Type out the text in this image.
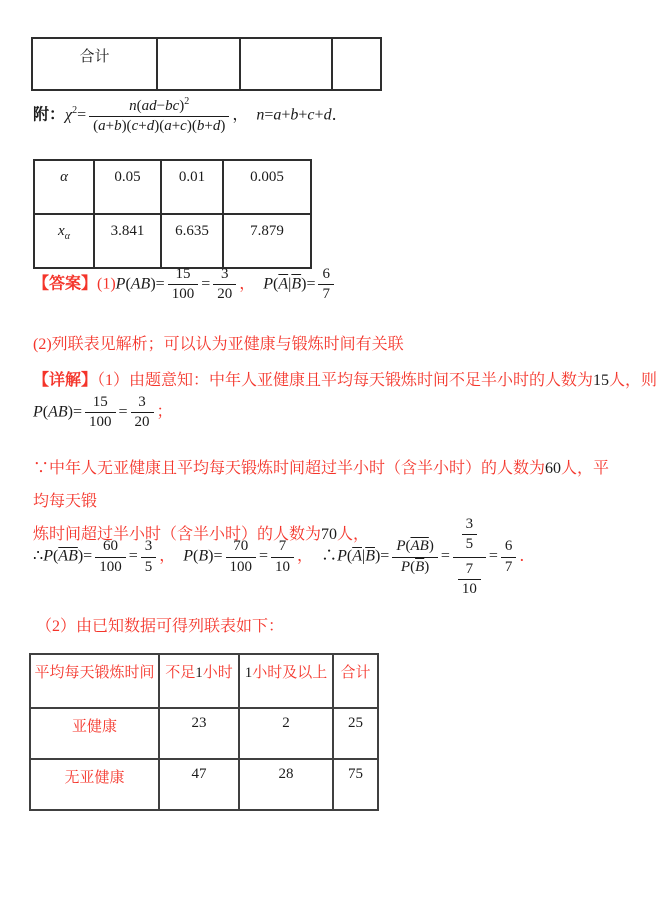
合计			
附：$\chi^2= \frac{n(ad-bc)^2}{(a+b)(c+d)(a+c)(b+d)}$ ，　n=a+b+c+d．
α	0.05	0.01	0.005
$x_\alpha$	3.841	6.635	7.879
【答案】$(1)P(AB)= \frac{15}{100} = \frac{3}{20}$ ，　 $P(\overline{A}|\overline{B})= \frac{6}{7}$
(2)列联表见解析；可以认为亚健康与锻炼时间有关联
【详解】（1）由题意知：中年人亚健康且平均每天锻炼时间不足半小时的人数为15人，则
$P(AB)= \frac{15}{100} = \frac{3}{20}$ ；
∵中年人无亚健康且平均每天锻炼时间超过半小时（含半小时）的人数为60人，平均每天锻
炼时间超过半小时（含半小时）的人数为70人，
$\therefore P(\overline{AB})= \frac{60}{100} = \frac{3}{5}$ ，　 $P(B)= \frac{70}{100} = \frac{7}{10}$ ，　 $\therefore P(\overline{A}|\overline{B})= \frac{P(\overline{AB})}{P(\overline{B})} = \frac{\frac{3}{5}}{\frac{7}{10}} = \frac{6}{7}$ ．
（2）由已知数据可得列联表如下：
平均每天锻炼时间	不足1小时	1小时及以上	合计
亚健康	23	2	25
无亚健康	47	28	75
